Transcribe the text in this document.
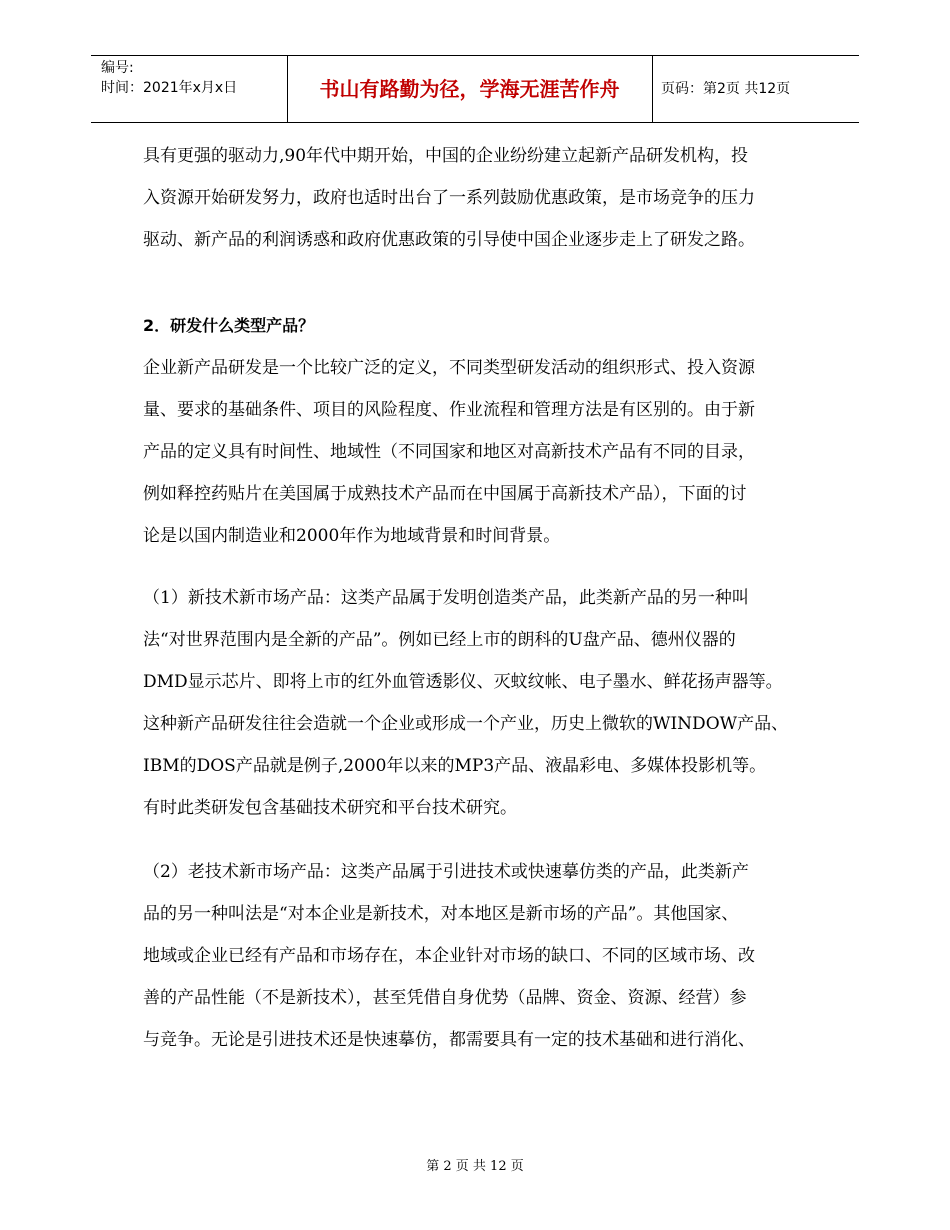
编号:
时间：2021年x月x日	书山有路勤为径，学海无涯苦作舟	页码：第2页 共12页
具有更强的驱动力,90年代中期开始，中国的企业纷纷建立起新产品研发机构，投
入资源开始研发努力，政府也适时出台了一系列鼓励优惠政策，是市场竞争的压力
驱动、新产品的利润诱惑和政府优惠政策的引导使中国企业逐步走上了研发之路。
2．研发什么类型产品？
企业新产品研发是一个比较广泛的定义，不同类型研发活动的组织形式、投入资源
量、要求的基础条件、项目的风险程度、作业流程和管理方法是有区别的。由于新
产品的定义具有时间性、地域性（不同国家和地区对高新技术产品有不同的目录，
例如释控药贴片在美国属于成熟技术产品而在中国属于高新技术产品），下面的讨
论是以国内制造业和2000年作为地域背景和时间背景。
（1）新技术新市场产品：这类产品属于发明创造类产品，此类新产品的另一种叫
法“对世界范围内是全新的产品”。例如已经上市的朗科的U盘产品、德州仪器的
DMD显示芯片、即将上市的红外血管透影仪、灭蚊纹帐、电子墨水、鲜花扬声器等。
这种新产品研发往往会造就一个企业或形成一个产业，历史上微软的WINDOW产品、
IBM的DOS产品就是例子,2000年以来的MP3产品、液晶彩电、多媒体投影机等。
有时此类研发包含基础技术研究和平台技术研究。
（2）老技术新市场产品：这类产品属于引进技术或快速摹仿类的产品，此类新产
品的另一种叫法是“对本企业是新技术，对本地区是新市场的产品”。其他国家、
地域或企业已经有产品和市场存在，本企业针对市场的缺口、不同的区域市场、改
善的产品性能（不是新技术），甚至凭借自身优势（品牌、资金、资源、经营）参
与竞争。无论是引进技术还是快速摹仿，都需要具有一定的技术基础和进行消化、
第 2 页 共 12 页
